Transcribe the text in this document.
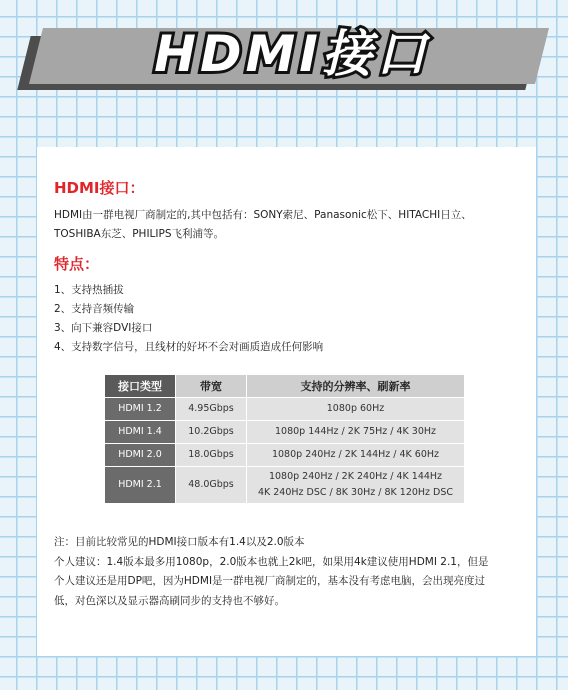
HDMI接口
HDMI接口：
HDMI由一群电视厂商制定的,其中包括有：SONY索尼、Panasonic松下、HITACHI日立、
TOSHIBA东芝、PHILIPS飞利浦等。
特点：
1、支持热插拔
2、支持音频传输
3、向下兼容DVI接口
4、支持数字信号，且线材的好坏不会对画质造成任何影响
接口类型	带宽	支持的分辨率、刷新率
HDMI 1.2	4.95Gbps	1080p 60Hz

HDMI 1.4	10.2Gbps	1080p 144Hz / 2K 75Hz / 4K 30Hz

HDMI 2.0	18.0Gbps	1080p 240Hz / 2K 144Hz / 4K 60Hz

HDMI 2.1	48.0Gbps	1080p 240Hz / 2K 240Hz / 4K 144Hz
4K 240Hz DSC / 8K 30Hz / 8K 120Hz DSC
注：目前比较常见的HDMI接口版本有1.4以及2.0版本
个人建议：1.4版本最多用1080p，2.0版本也就上2k吧，如果用4k建议使用HDMI 2.1，但是
个人建议还是用DP吧，因为HDMI是一群电视厂商制定的，基本没有考虑电脑，会出现亮度过
低，对色深以及显示器高刷同步的支持也不够好。
